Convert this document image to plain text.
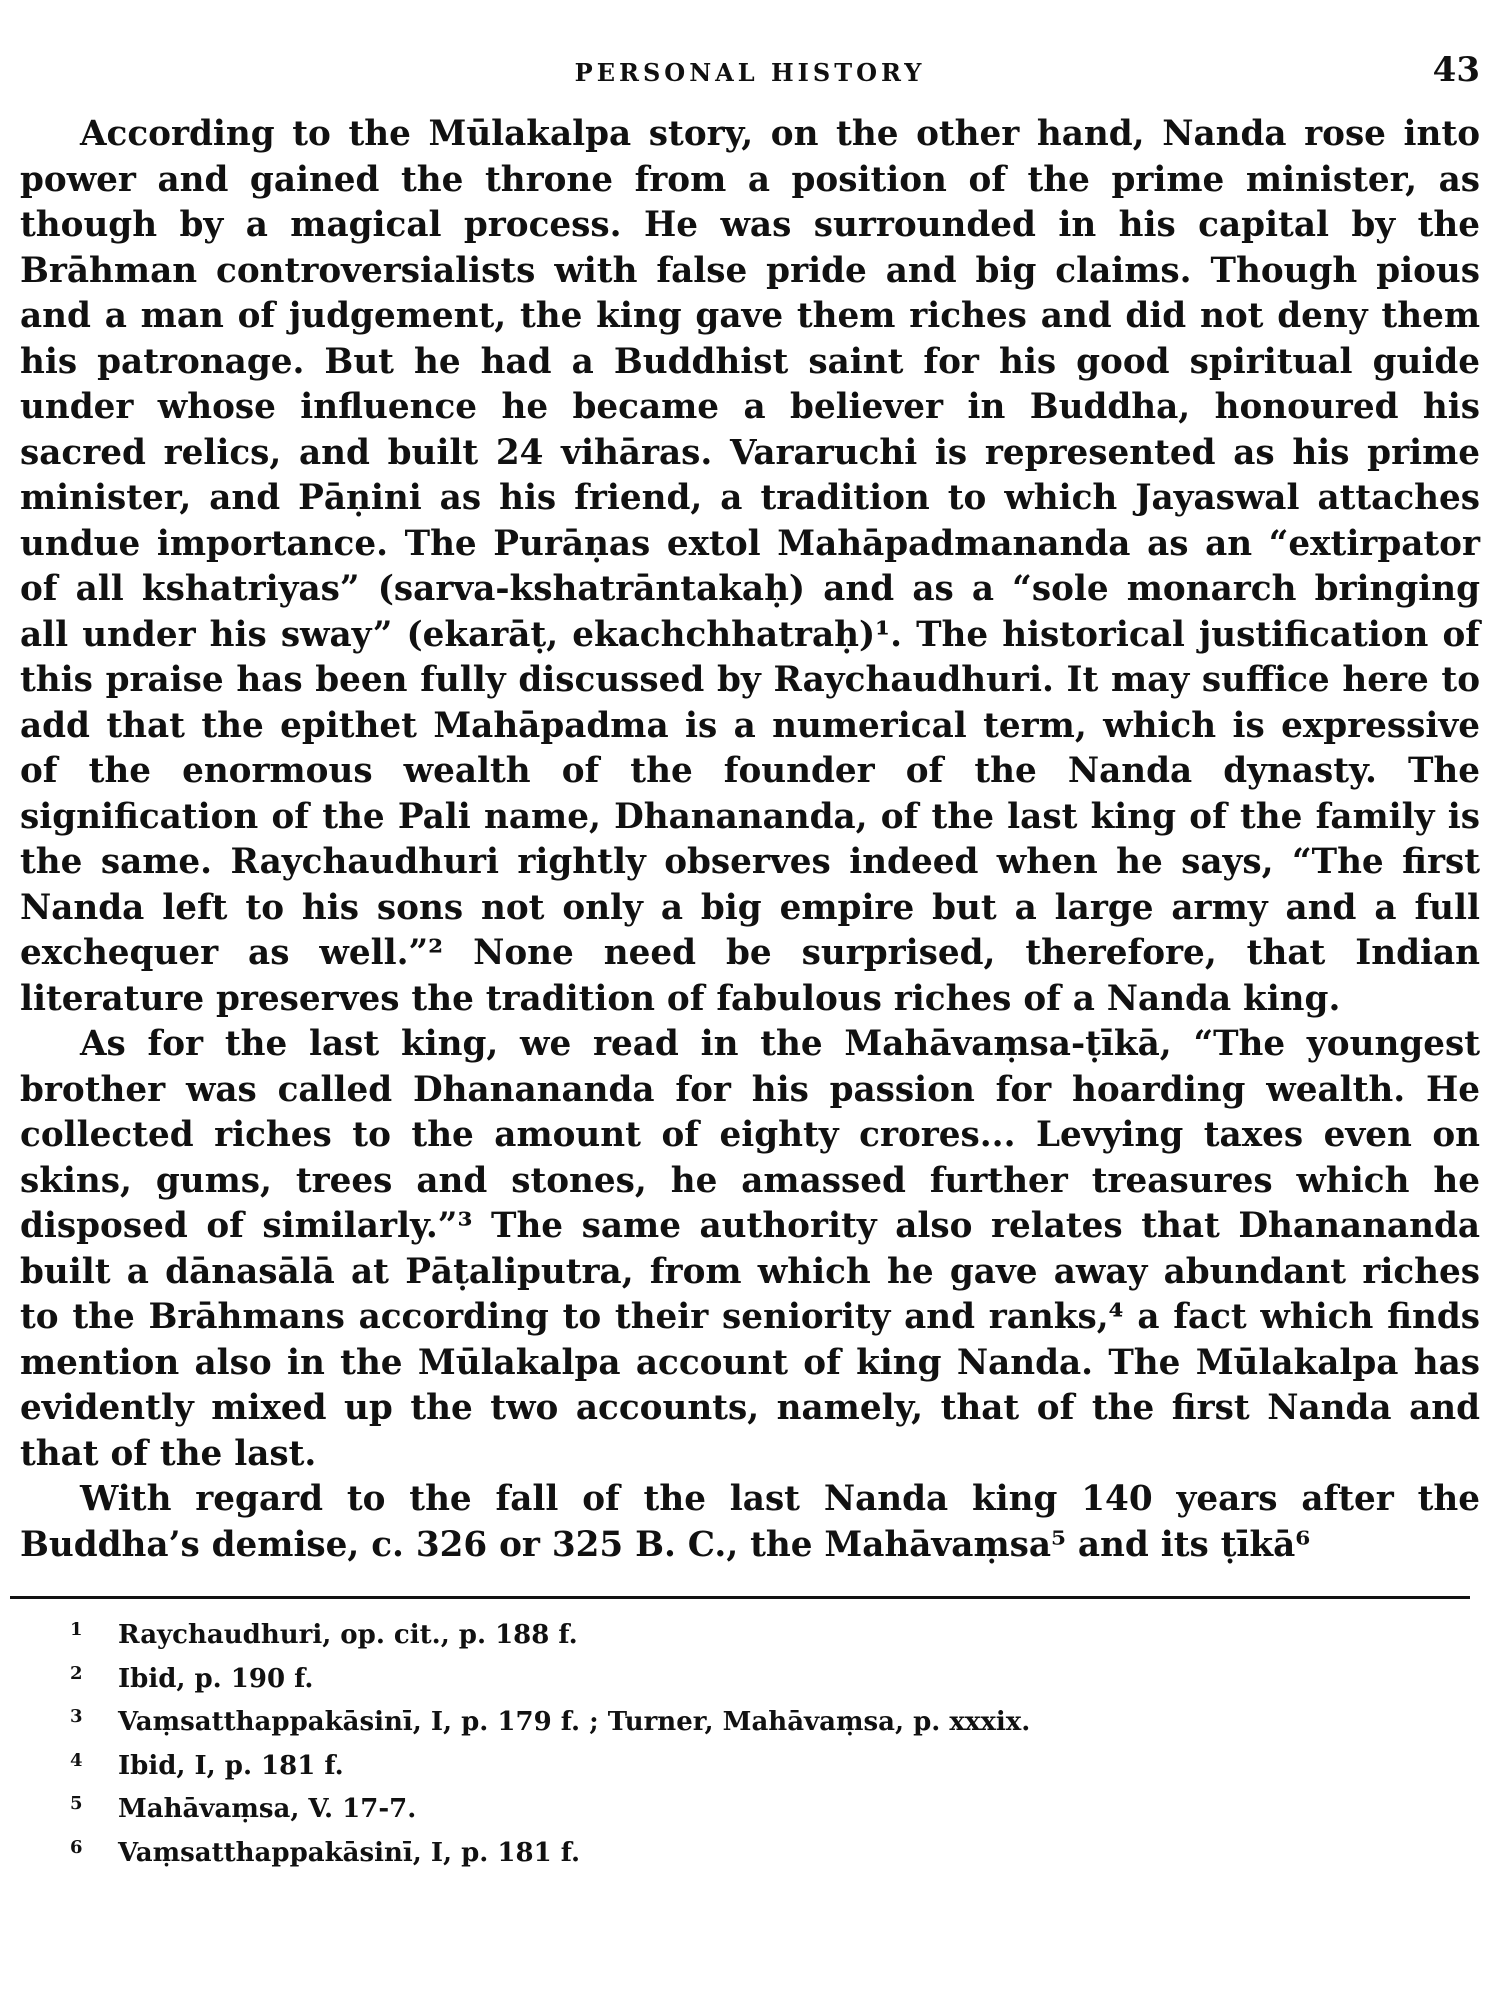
PERSONAL HISTORY	43

According to the Mūlakalpa story, on the other hand, Nanda rose into power and gained the throne from a position of the prime minister, as though by a magical process. He was surrounded in his capital by the Brāhman controversialists with false pride and big claims. Though pious and a man of judgement, the king gave them riches and did not deny them his patronage. But he had a Buddhist saint for his good spiritual guide under whose influence he became a believer in Buddha, honoured his sacred relics, and built 24 vihāras. Vararuchi is represented as his prime minister, and Pāṇini as his friend, a tradition to which Jayaswal attaches undue importance. The Purāṇas extol Mahāpadmananda as an “extirpator of all kshatriyas” (sarva-kshatrāntakaḥ) and as a “sole monarch bringing all under his sway” (ekarāṭ, ekachchhatraḥ)¹. The historical justification of this praise has been fully discussed by Raychaudhuri. It may suffice here to add that the epithet Mahāpadma is a numerical term, which is expressive of the enormous wealth of the founder of the Nanda dynasty. The signification of the Pali name, Dhanananda, of the last king of the family is the same. Raychaudhuri rightly observes indeed when he says, “The first Nanda left to his sons not only a big empire but a large army and a full exchequer as well.”² None need be surprised, therefore, that Indian literature preserves the tradition of fabulous riches of a Nanda king.

As for the last king, we read in the Mahāvaṃsa-ṭīkā, “The youngest brother was called Dhanananda for his passion for hoarding wealth. He collected riches to the amount of eighty crores... Levying taxes even on skins, gums, trees and stones, he amassed further treasures which he disposed of similarly.”³ The same authority also relates that Dhanananda built a dānasālā at Pāṭaliputra, from which he gave away abundant riches to the Brāhmans according to their seniority and ranks,⁴ a fact which finds mention also in the Mūlakalpa account of king Nanda. The Mūlakalpa has evidently mixed up the two accounts, namely, that of the first Nanda and that of the last.

With regard to the fall of the last Nanda king 140 years after the Buddha’s demise, c. 326 or 325 B. C., the Mahāvaṃsa⁵ and its ṭīkā⁶

1	Raychaudhuri, op. cit., p. 188 f.
2	Ibid, p. 190 f.
3	Vaṃsatthappakāsinī, I, p. 179 f. ; Turner, Mahāvaṃsa, p. xxxix.
4	Ibid, I, p. 181 f.
5	Mahāvaṃsa, V. 17-7.
6	Vaṃsatthappakāsinī, I, p. 181 f.
